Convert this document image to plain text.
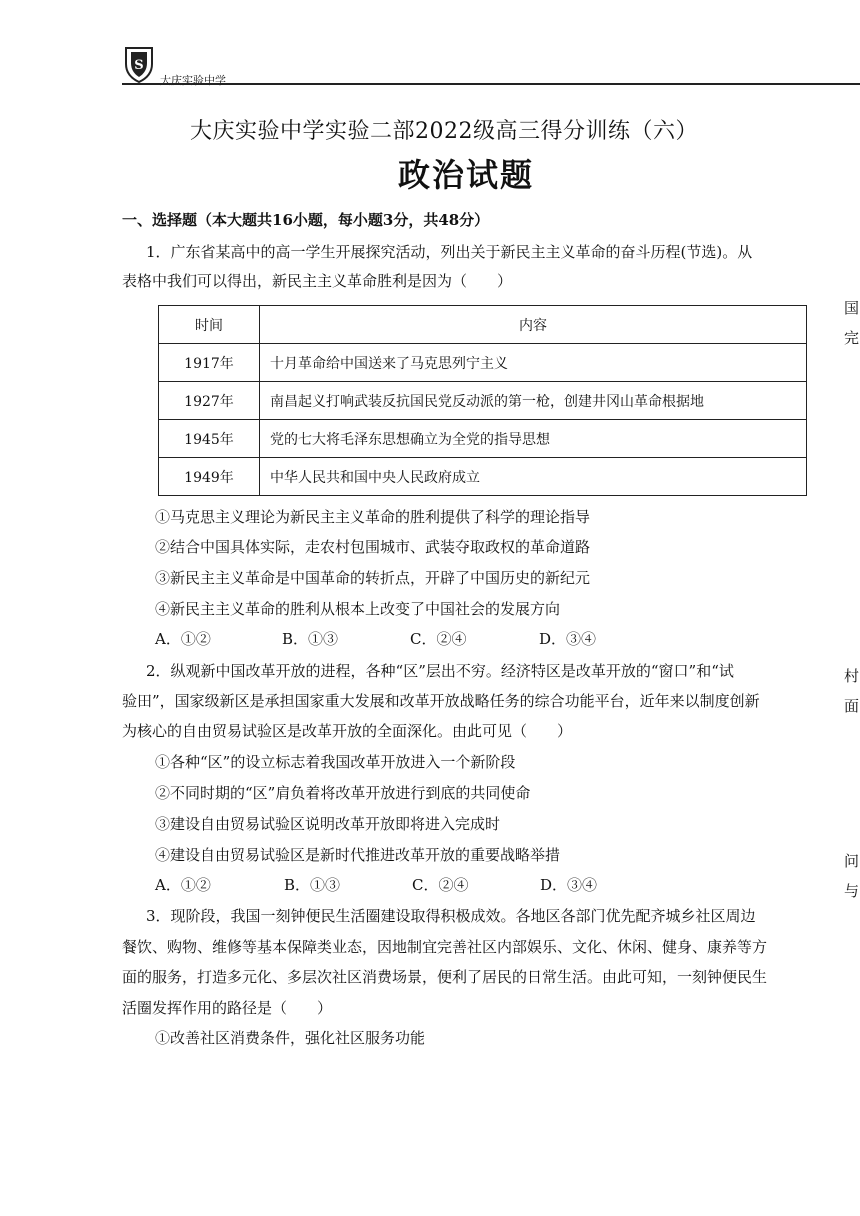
S
大庆实验中学
大庆实验中学实验二部2022级高三得分训练（六）
政治试题
一、选择题（本大题共16小题，每小题3分，共48分）
1．广东省某高中的高一学生开展探究活动，列出关于新民主主义革命的奋斗历程(节选)。从
表格中我们可以得出，新民主主义革命胜利是因为（　　）
时间	内容
1917年	十月革命给中国送来了马克思列宁主义
1927年	南昌起义打响武装反抗国民党反动派的第一枪，创建井冈山革命根据地
1945年	党的七大将毛泽东思想确立为全党的指导思想
1949年	中华人民共和国中央人民政府成立
①马克思主义理论为新民主主义革命的胜利提供了科学的理论指导
②结合中国具体实际，走农村包围城市、武装夺取政权的革命道路
③新民主主义革命是中国革命的转折点，开辟了中国历史的新纪元
④新民主主义革命的胜利从根本上改变了中国社会的发展方向
A．①②	B．①③	C．②④	D．③④
2．纵观新中国改革开放的进程，各种“区”层出不穷。经济特区是改革开放的“窗口”和“试
验田”，国家级新区是承担国家重大发展和改革开放战略任务的综合功能平台，近年来以制度创新
为核心的自由贸易试验区是改革开放的全面深化。由此可见（　　）
①各种“区”的设立标志着我国改革开放进入一个新阶段
②不同时期的“区”肩负着将改革开放进行到底的共同使命
③建设自由贸易试验区说明改革开放即将进入完成时
④建设自由贸易试验区是新时代推进改革开放的重要战略举措
A．①②	B．①③	C．②④	D．③④
3．现阶段，我国一刻钟便民生活圈建设取得积极成效。各地区各部门优先配齐城乡社区周边
餐饮、购物、维修等基本保障类业态，因地制宜完善社区内部娱乐、文化、休闲、健身、康养等方
面的服务，打造多元化、多层次社区消费场景，便利了居民的日常生活。由此可知，一刻钟便民生
活圈发挥作用的路径是（　　）
①改善社区消费条件，强化社区服务功能
国
完
村
面
问
与
